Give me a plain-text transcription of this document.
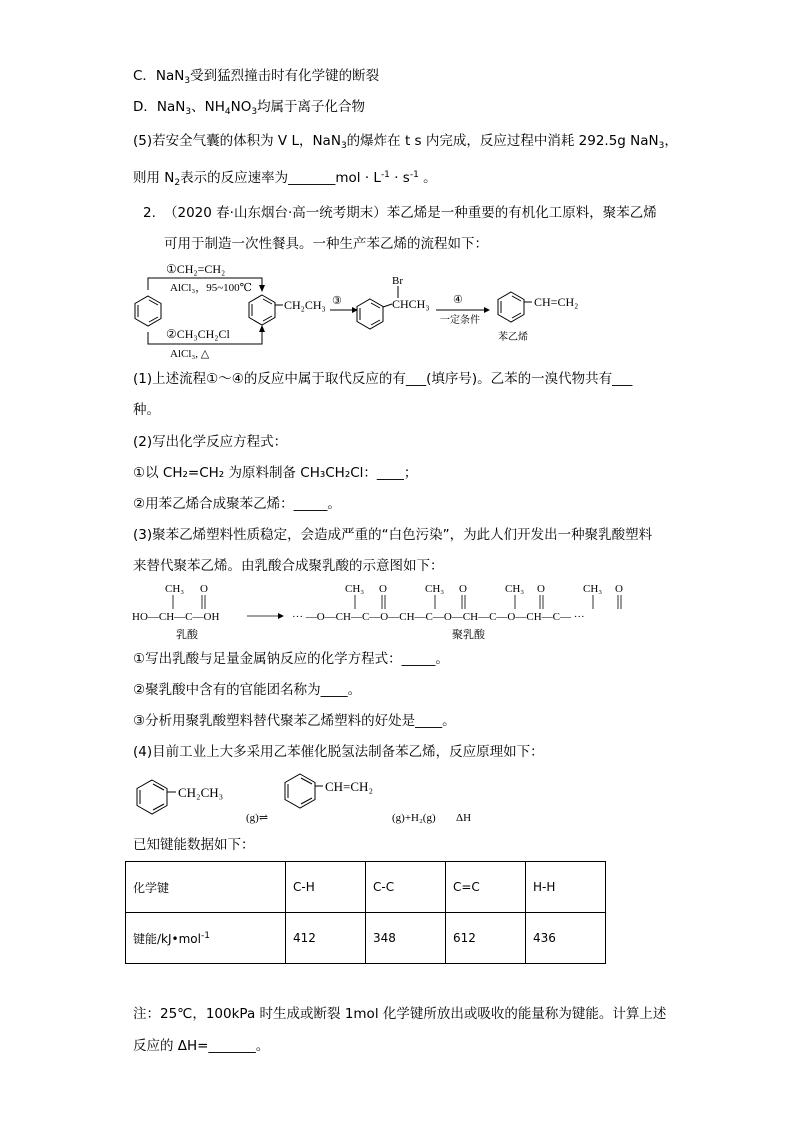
C．NaN$_3$受到猛烈撞击时有化学键的断裂
D．NaN$_3$、$NH_4NO_3$均属于离子化合物
(5)若安全气囊的体积为 V L，NaN$_3$的爆炸在 t s 内完成，反应过程中消耗 292.5g NaN$_3$，
则用 $N_2$表示的反应速率为_______mol · $L^{-1} \cdot s^{-1}$ 。
2. （2020 春·山东烟台·高一统考期末）苯乙烯是一种重要的有机化工原料，聚苯乙烯
可用于制造一次性餐具。一种生产苯乙烯的流程如下：
①CH₂=CH₂
AlCl₃，95~100℃
②CH₃CH₂Cl
AlCl₃, △
CH₂CH₃ ③
Br
CHCH₃ ④
一定条件
CH=CH₂
苯乙烯
(1)上述流程①～④的反应中属于取代反应的有___(填序号)。乙苯的一溴代物共有___
种。
(2)写出化学反应方程式：
①以 CH₂=CH₂ 为原料制备 CH₃CH₂Cl：____；
②用苯乙烯合成聚苯乙烯：_____。
(3)聚苯乙烯塑料性质稳定，会造成严重的“白色污染”，为此人们开发出一种聚乳酸塑料
来替代聚苯乙烯。由乳酸合成聚乳酸的示意图如下：
CH₃ O
HO—CH—C—OH
乳酸
··· —O—CH—C—O—CH—C—O—CH—C—O—CH—C— ···
聚乳酸
CH₃ O	CH₃ O	CH₃ O	CH₃ O
①写出乳酸与足量金属钠反应的化学方程式：_____。
②聚乳酸中含有的官能团名称为____。
③分析用聚乳酸塑料替代聚苯乙烯塑料的好处是____。
(4)目前工业上大多采用乙苯催化脱氢法制备苯乙烯，反应原理如下：
CH₂CH₃
(g)⇌
CH=CH₂
(g)+H₂(g) ΔH
已知键能数据如下：
化学键	C-H	C-C	C=C	H-H
键能/kJ•mol$^{-1}$	412	348	612	436
注：25℃，100kPa 时生成或断裂 1mol 化学键所放出或吸收的能量称为键能。计算上述
反应的 ΔH=_______。
